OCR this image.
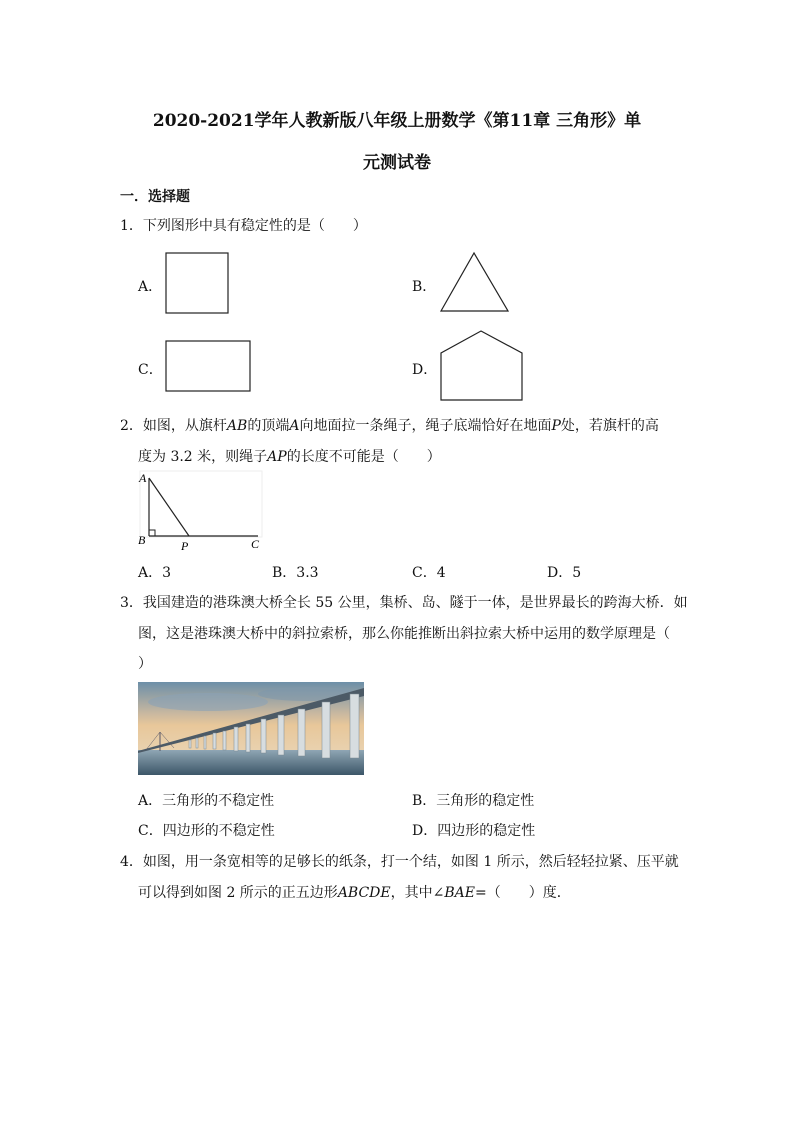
2020-2021学年人教新版八年级上册数学《第11章 三角形》单
元测试卷
一．选择题
1．下列图形中具有稳定性的是（　　）
A．	B．
C．	D．
2．如图，从旗杆AB的顶端A向地面拉一条绳子，绳子底端恰好在地面P处，若旗杆的高
度为 3.2 米，则绳子AP的长度不可能是（　　）
A
B	P	C
A．3	B．3.3	C．4	D．5
3．我国建造的港珠澳大桥全长 55 公里，集桥、岛、隧于一体，是世界最长的跨海大桥．如
图，这是港珠澳大桥中的斜拉索桥，那么你能推断出斜拉索大桥中运用的数学原理是（
）
A．三角形的不稳定性	B．三角形的稳定性
C．四边形的不稳定性	D．四边形的稳定性
4．如图，用一条宽相等的足够长的纸条，打一个结，如图 1 所示，然后轻轻拉紧、压平就
可以得到如图 2 所示的正五边形ABCDE，其中∠BAE=（　　）度．
